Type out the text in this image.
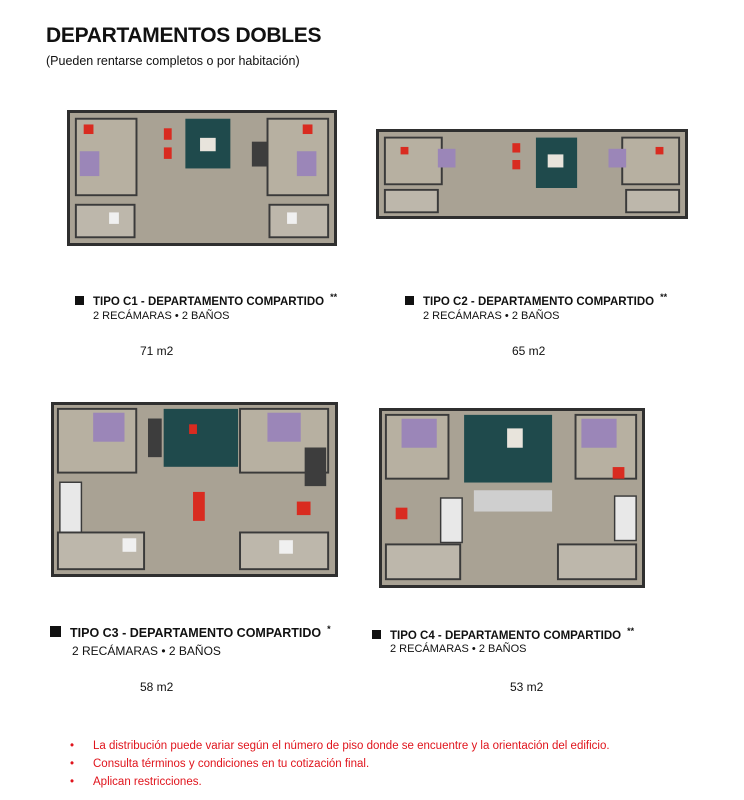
DEPARTAMENTOS DOBLES
(Pueden rentarse completos o por habitación)
TIPO C1 - DEPARTAMENTO COMPARTIDO **
2 RECÁMARAS • 2 BAÑOS
71 m2
TIPO C2 - DEPARTAMENTO COMPARTIDO **
2 RECÁMARAS • 2 BAÑOS
65 m2
TIPO C3 - DEPARTAMENTO COMPARTIDO *
2 RECÁMARAS • 2 BAÑOS
58 m2
TIPO C4 - DEPARTAMENTO COMPARTIDO **
2 RECÁMARAS • 2 BAÑOS
53 m2
• La distribución puede variar según el número de piso donde se encuentre y la orientación del edificio.
• Consulta términos y condiciones en tu cotización final.
• Aplican restricciones.
